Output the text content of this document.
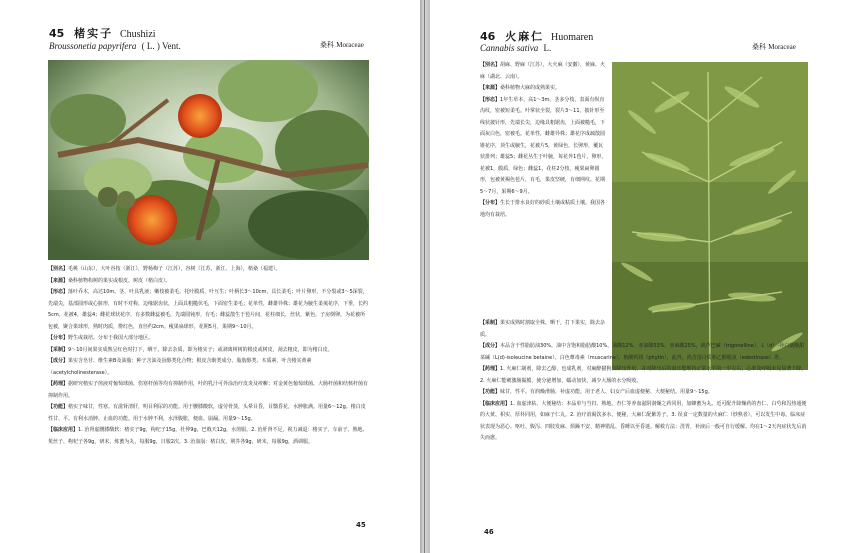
45 楮实子 Chushizi
Broussonetia papyrifera ( L. ) Vent.	桑科 Moraceae

【别名】毛桃（山东），大叶谷按（浙江），野杨梅子（江苏），谷树（江苏、浙江、上海），楮桑（福建）。

【来源】桑科植物构树的果实或根皮、树皮（楮白皮）。

【形态】落叶乔木，高达10m。茎、叶具乳液；嫩枝被柔毛。托叶膜质，叶互生；叶柄长3～10cm，具长柔毛；叶片卵形，不分裂或3～5深裂，先端尖，基部圆形或心脏形，有时不对称，边缘锯齿状，上面具粗糙伏毛，下面密生柔毛；花单性，雌雄异株；雄花为腋生柔荑花序，下垂，长约5cm，花被4，雄蕊4；雌花球状花序，有多数雌蕊被毛，先端圆钝形，有毛；雌蕊散生于苞片间，花柱细长，丝状，紫色，子房倒卵，为花被所包被，聚合果球形，熟时肉质，橙红色，直径约2cm。瘦果扁球形，花期5月，果期9～10月。

【分布】野生或栽培。分布于我国大部分地区。

【采制】9～10月间果实成熟呈红色时打下，晒干，除去杂质，即为楮实子；或剥离树树的根皮或树皮，刮去粗皮，即为楮白皮。

【成分】果实含皂苷、维生素B及油脂；种子含油及甾醇类化合物；根皮含酚类成分、脂肪醇类、木质素，叶含楮实黄素（acetylcholinesterase）。

【药理】据研究楮实子煎液对葡萄球菌、伤寒杆菌等均有抑制作用，叶的乳汁可外涂治疗皮炎及疥癣；对金黄色葡萄球菌、大肠杆菌和结核杆菌有抑制作用。

【功能】楮实子味甘，性寒。有滋肾清肝，明目利尿的功能。用于腰膝酸软，虚劳骨蒸，头晕目昏，目翳昏花，水肿胀满。用量6～12g。楮白皮性甘、平。有利水消肿、止血的功能。用于水肿不利，水泽腹胀，便血、崩漏。用量9～15g。

【临床应用】1. 治肾虚腰膝酸软：楮实子9g，枸杞子15g，杜仲9g，巴戟天12g，水煎服。2. 治肝肾不足，视力减退：楮实子、车前子、熟地、菟丝子、枸杞子各9g，研末，炼蜜为丸，每服9g，日服2次。3. 治血崩：楮白皮、荆芥各9g，研末，每服9g，酒调服。

45
46 火麻仁 Huomaren
Cannabis sativa L.	桑科 Moraceae

【别名】胡麻、野麻（江苏），大火麻（安徽），黄麻、火麻（湖北、云南）。

【来源】桑科植物大麻的成熟果实。

【形态】1年生草本，高1～3m。茎多分枝，表面有纵直沟纹，密被短柔毛。叶掌状全裂，裂片3～11，披针形至线状披针形，先端长尖，边缘具粗锯齿，上面被糙毛，下面灰白色，密被毛。花单性，雌雄异株；雄花序成疏散圆锥花序，顶生或腋生，花被片5，黄绿色，长卵形，覆瓦状排列；雄蕊5；雌花丛生于叶腋，每花外1苞片，卵形，花被1，膜质，绿色；雌蕊1，花柱2分枝，瘦果扁卵圆形，包被黄褐色苞片，有毛，果皮坚硬，有细网纹。花期5～7月，果期6～9月。

【分布】生长于排水良好的砂质土壤或粘质土壤。我国各地均有栽培。

【采制】果实成熟时割取全株，晒干，打下果实，除去杂质。

【成分】本品含干性脂肪油30%，油中含饱和脂肪酸10%，油酸12%，亚油酸53%，亚麻酸25%，葫芦巴碱（trigonelline）、L（d）-异白氨酸甜菜碱（L(d)-isoleucine betaine）、白色蕈毒素（muscarine）、植酸钙镁（phytin），此外，尚含蛋白质和乙醇脱氢（edestinase）等。

【药理】1. 火麻仁制剂，除去乙醇，也成乳剂，对麻醉猫狗有降压作用，并对降压后的血压能维持正常水平的一半左右，心率及呼吸未见显著下降。2. 火麻仁能刺激肠黏膜，使分泌增加，蠕动加快，减少大肠的水分吸收。

【功能】味甘，性平。有润燥滑肠，补虚功能。用于老人、妇女产后血虚便秘、大便秘结。用量9～15g。

【临床应用】1. 血虚津枯、大便秘结：本品单与当归、熟地、杏仁等养血滋阴润燥之药同用，加蜂蜜为丸。近可配升降燥药的杏仁、白芍和泻热通便的大黄、枳实、厚朴同用，如麻子仁丸。2. 治疗消渴饮多水，便秘，大麻仁配紫苏子。3. 误食一定数量的火麻仁（炒熟者），可以发生中毒。临床症状表现为恶心、呕吐、腹泻、四肢发麻、烦躁不安、精神错乱、昏睡以至昏迷。解救方法：洗胃，补液后一般可自行缓解。均在1～2天内症状先后消失而愈。

46
